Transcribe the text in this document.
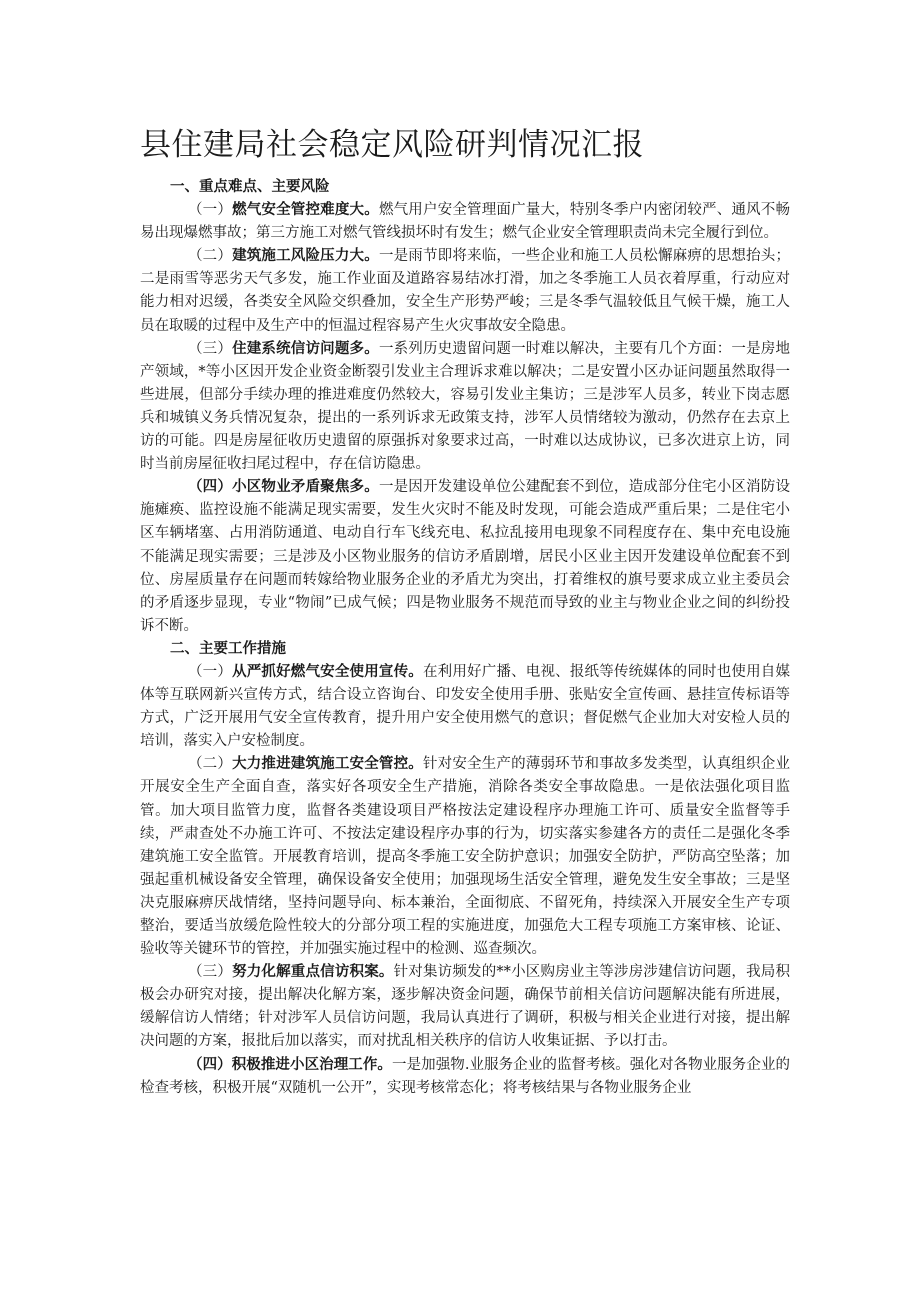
县住建局社会稳定风险研判情况汇报

一、重点难点、主要风险

（一）燃气安全管控难度大。燃气用户安全管理面广量大，特别冬季户内密闭较严、通风不畅易出现爆燃事故；第三方施工对燃气管线损坏时有发生；燃气企业安全管理职责尚未完全履行到位。

（二）建筑施工风险压力大。一是雨节即将来临，一些企业和施工人员松懈麻痹的思想抬头；二是雨雪等恶劣天气多发，施工作业面及道路容易结冰打滑，加之冬季施工人员衣着厚重，行动应对能力相对迟缓，各类安全风险交织叠加，安全生产形势严峻；三是冬季气温较低且气候干燥，施工人员在取暖的过程中及生产中的恒温过程容易产生火灾事故安全隐患。

（三）住建系统信访问题多。一系列历史遗留问题一时难以解决，主要有几个方面：一是房地产领域，*等小区因开发企业资金断裂引发业主合理诉求难以解决；二是安置小区办证问题虽然取得一些进展，但部分手续办理的推进难度仍然较大，容易引发业主集访；三是涉军人员多，转业下岗志愿兵和城镇义务兵情况复杂，提出的一系列诉求无政策支持，涉军人员情绪较为激动，仍然存在去京上访的可能。四是房屋征收历史遗留的原强拆对象要求过高，一时难以达成协议，已多次进京上访，同时当前房屋征收扫尾过程中，存在信访隐患。

（四）小区物业矛盾聚焦多。一是因开发建设单位公建配套不到位，造成部分住宅小区消防设施瘫痪、监控设施不能满足现实需要，发生火灾时不能及时发现，可能会造成严重后果；二是住宅小区车辆堵塞、占用消防通道、电动自行车飞线充电、私拉乱接用电现象不同程度存在、集中充电设施不能满足现实需要；三是涉及小区物业服务的信访矛盾剧增，居民小区业主因开发建设单位配套不到位、房屋质量存在问题而转嫁给物业服务企业的矛盾尤为突出，打着维权的旗号要求成立业主委员会的矛盾逐步显现，专业“物闹”已成气候；四是物业服务不规范而导致的业主与物业企业之间的纠纷投诉不断。

二、主要工作措施

（一）从严抓好燃气安全使用宣传。在利用好广播、电视、报纸等传统媒体的同时也使用自媒体等互联网新兴宣传方式，结合设立咨询台、印发安全使用手册、张贴安全宣传画、悬挂宣传标语等方式，广泛开展用气安全宣传教育，提升用户安全使用燃气的意识；督促燃气企业加大对安检人员的培训，落实入户安检制度。

（二）大力推进建筑施工安全管控。针对安全生产的薄弱环节和事故多发类型，认真组织企业开展安全生产全面自查，落实好各项安全生产措施，消除各类安全事故隐患。一是依法强化项目监管。加大项目监管力度，监督各类建设项目严格按法定建设程序办理施工许可、质量安全监督等手续，严肃查处不办施工许可、不按法定建设程序办事的行为，切实落实参建各方的责任二是强化冬季建筑施工安全监管。开展教育培训，提高冬季施工安全防护意识；加强安全防护，严防高空坠落；加强起重机械设备安全管理，确保设备安全使用；加强现场生活安全管理，避免发生安全事故；三是坚决克服麻痹厌战情绪，坚持问题导向、标本兼治，全面彻底、不留死角，持续深入开展安全生产专项整治，要适当放缓危险性较大的分部分项工程的实施进度，加强危大工程专项施工方案审核、论证、验收等关键环节的管控，并加强实施过程中的检测、巡查频次。

（三）努力化解重点信访积案。针对集访频发的**小区购房业主等涉房涉建信访问题，我局积极会办研究对接，提出解决化解方案，逐步解决资金问题，确保节前相关信访问题解决能有所进展，缓解信访人情绪；针对涉军人员信访问题，我局认真进行了调研，积极与相关企业进行对接，提出解决问题的方案，报批后加以落实，而对扰乱相关秩序的信访人收集证据、予以打击。

（四）积极推进小区治理工作。一是加强物.业服务企业的监督考核。强化对各物业服务企业的检查考核，积极开展“双随机一公开”，实现考核常态化；将考核结果与各物业服务企业
